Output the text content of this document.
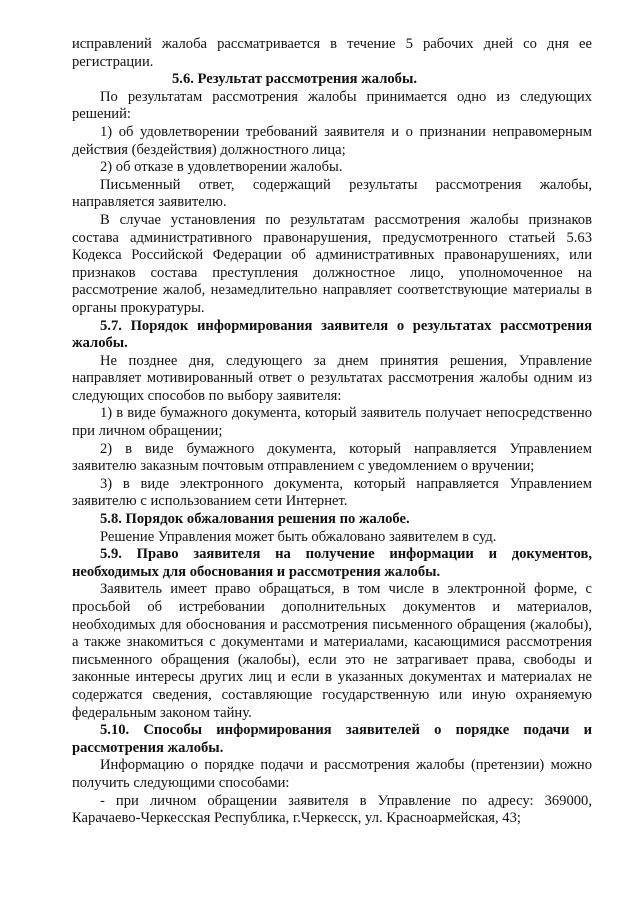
исправлений жалоба рассматривается в течение 5 рабочих дней со дня ее регистрации.

5.6. Результат рассмотрения жалобы.

По результатам рассмотрения жалобы принимается одно из следующих решений:

1) об удовлетворении требований заявителя и о признании неправомерным действия (бездействия) должностного лица;

2) об отказе в удовлетворении жалобы.

Письменный ответ, содержащий результаты рассмотрения жалобы, направляется заявителю.

В случае установления по результатам рассмотрения жалобы признаков состава административного правонарушения, предусмотренного статьей 5.63 Кодекса Российской Федерации об административных правонарушениях, или признаков состава преступления должностное лицо, уполномоченное на рассмотрение жалоб, незамедлительно направляет соответствующие материалы в органы прокуратуры.

5.7. Порядок информирования заявителя о результатах рассмотрения жалобы.

Не позднее дня, следующего за днем принятия решения, Управление направляет мотивированный ответ о результатах рассмотрения жалобы одним из следующих способов по выбору заявителя:

1) в виде бумажного документа, который заявитель получает непосредственно при личном обращении;

2) в виде бумажного документа, который направляется Управлением заявителю заказным почтовым отправлением с уведомлением о вручении;

3) в виде электронного документа, который направляется Управлением заявителю с использованием сети Интернет.

5.8. Порядок обжалования решения по жалобе.

Решение Управления может быть обжаловано заявителем в суд.

5.9. Право заявителя на получение информации и документов, необходимых для обоснования и рассмотрения жалобы.

Заявитель имеет право обращаться, в том числе в электронной форме, с просьбой об истребовании дополнительных документов и материалов, необходимых для обоснования и рассмотрения письменного обращения (жалобы), а также знакомиться с документами и материалами, касающимися рассмотрения письменного обращения (жалобы), если это не затрагивает права, свободы и законные интересы других лиц и если в указанных документах и материалах не содержатся сведения, составляющие государственную или иную охраняемую федеральным законом тайну.

5.10. Способы информирования заявителей о порядке подачи и рассмотрения жалобы.

Информацию о порядке подачи и рассмотрения жалобы (претензии) можно получить следующими способами:

- при личном обращении заявителя в Управление по адресу: 369000, Карачаево-Черкесская Республика, г.Черкесск, ул. Красноармейская, 43;
